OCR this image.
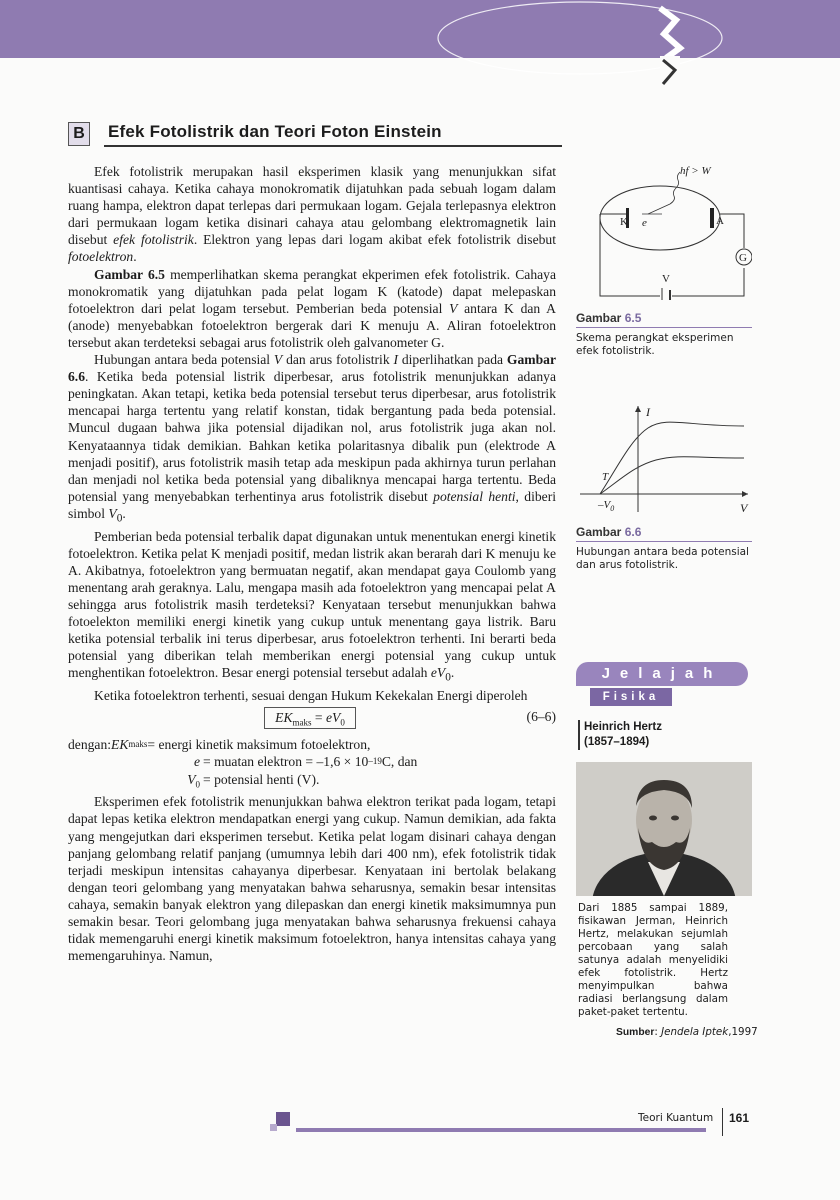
B	Efek Fotolistrik dan Teori Foton Einstein

Efek fotolistrik merupakan hasil eksperimen klasik yang menunjukkan sifat kuantisasi cahaya. Ketika cahaya monokromatik dijatuhkan pada sebuah logam dalam ruang hampa, elektron dapat terlepas dari permukaan logam. Gejala terlepasnya elektron dari permukaan logam ketika disinari cahaya atau gelombang elektromagnetik lain disebut efek fotolistrik. Elektron yang lepas dari logam akibat efek fotolistrik disebut fotoelektron.

Gambar 6.5 memperlihatkan skema perangkat ekperimen efek fotolistrik. Cahaya monokromatik yang dijatuhkan pada pelat logam K (katode) dapat melepaskan fotoelektron dari pelat logam tersebut. Pemberian beda potensial V antara K dan A (anode) menyebabkan fotoelektron bergerak dari K menuju A. Aliran fotoelektron tersebut akan terdeteksi sebagai arus fotolistrik oleh galvanometer G.

Hubungan antara beda potensial V dan arus fotolistrik I diperlihatkan pada Gambar 6.6. Ketika beda potensial listrik diperbesar, arus fotolistrik menunjukkan adanya peningkatan. Akan tetapi, ketika beda potensial tersebut terus diperbesar, arus fotolistrik mencapai harga tertentu yang relatif konstan, tidak bergantung pada beda potensial. Muncul dugaan bahwa jika potensial dijadikan nol, arus fotolistrik juga akan nol. Kenyataannya tidak demikian. Bahkan ketika polaritasnya dibalik pun (elektrode A menjadi positif), arus fotolistrik masih tetap ada meskipun pada akhirnya turun perlahan dan menjadi nol ketika beda potensial yang dibaliknya mencapai harga tertentu. Beda potensial yang menyebabkan terhentinya arus fotolistrik disebut potensial henti, diberi simbol $V_0$.

Pemberian beda potensial terbalik dapat digunakan untuk menentukan energi kinetik fotoelektron. Ketika pelat K menjadi positif, medan listrik akan berarah dari K menuju ke A. Akibatnya, fotoelektron yang bermuatan negatif, akan mendapat gaya Coulomb yang menentang arah geraknya. Lalu, mengapa masih ada fotoelektron yang mencapai pelat A sehingga arus fotolistrik masih terdeteksi? Kenyataan tersebut menunjukkan bahwa fotoelekton memiliki energi kinetik yang cukup untuk menentang gaya listrik. Baru ketika potensial terbalik ini terus diperbesar, arus fotoelektron terhenti. Ini berarti beda potensial yang diberikan telah memberikan energi potensial yang cukup untuk menghentikan fotoelektron. Besar energi potensial tersebut adalah $eV_0$.

Ketika fotoelektron terhenti, sesuai dengan Hukum Kekekalan Energi diperoleh

$EK_{maks} = eV_0$	(6–6)
dengan: EK maks = energi kinetik maksimum fotoelektron,
e = muatan elektron = –1,6 × 10 –19 C, dan
$V_0$ = potensial henti (V).

Eksperimen efek fotolistrik menunjukkan bahwa elektron terikat pada logam, tetapi dapat lepas ketika elektron mendapatkan energi yang cukup. Namun demikian, ada fakta yang mengejutkan dari eksperimen tersebut. Ketika pelat logam disinari cahaya dengan panjang gelombang relatif panjang (umumnya lebih dari 400 nm), efek fotolistrik tidak terjadi meskipun intensitas cahayanya diperbesar. Kenyataan ini bertolak belakang dengan teori gelombang yang menyatakan bahwa seharusnya, semakin besar intensitas cahaya, semakin banyak elektron yang dilepaskan dan energi kinetik maksimumnya pun semakin besar. Teori gelombang juga menyatakan bahwa seharusnya frekuensi cahaya tidak memengaruhi energi kinetik maksimum fotoelektron, hanya intensitas cahaya yang memengaruhinya. Namun,

hf > W
K e	A
G
V
Gambar 6.5
Skema perangkat eksperimen efek fotolistrik.
I
T
$-V_0$	V
Gambar 6.6
Hubungan antara beda potensial dan arus fotolistrik.
Jelajah
Fisika
Heinrich Hertz
(1857–1894)
Dari 1885 sampai 1889, fisikawan Jerman, Heinrich Hertz, melakukan sejumlah percobaan yang salah satunya adalah menyelidiki efek fotolistrik. Hertz menyimpulkan bahwa radiasi berlangsung dalam paket-paket tertentu.
Sumber: Jendela Iptek,1997
Teori Kuantum 161
